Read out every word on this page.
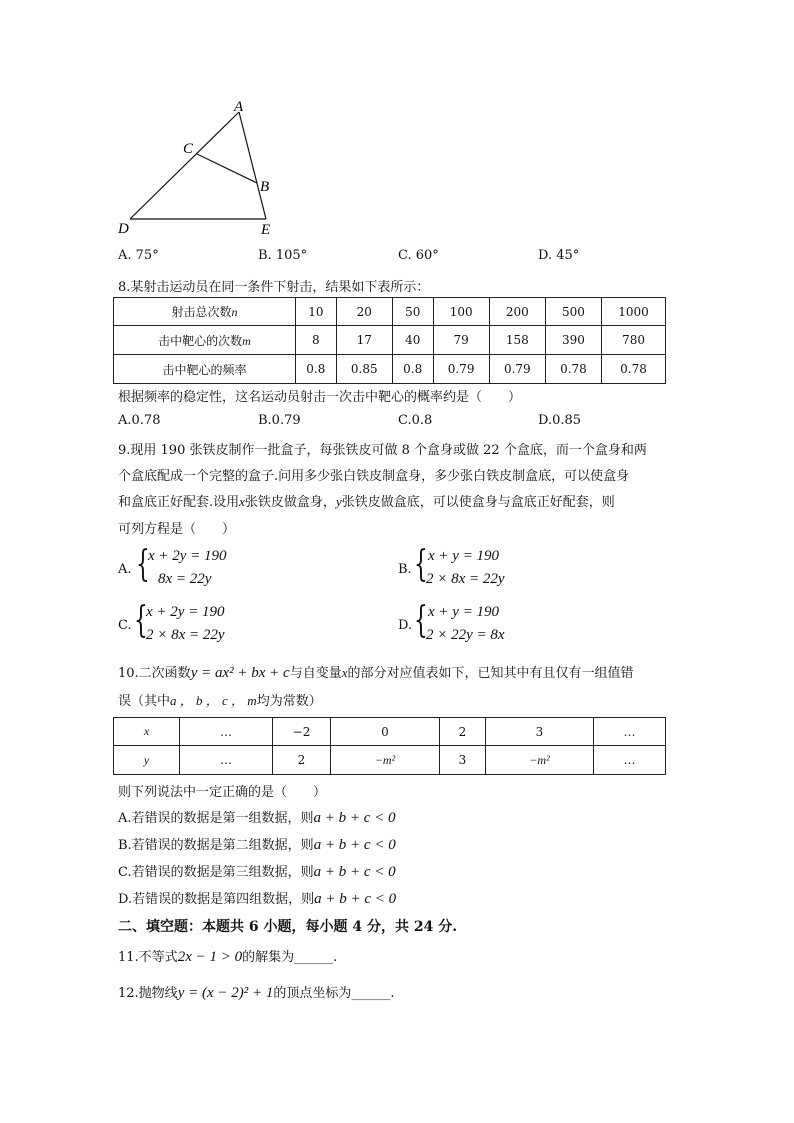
A
C
B
D	E
A. 75°	B. 105°	C. 60°	D. 45°
8.某射击运动员在同一条件下射击，结果如下表所示：
射击总次数n	10	20	50	100	200	500	1000
击中靶心的次数m	8	17	40	79	158	390	780
击中靶心的频率	0.8	0.85	0.8	0.79	0.79	0.78	0.78
根据频率的稳定性，这名运动员射击一次击中靶心的概率约是（　　）
A.0.78	B.0.79	C.0.8	D.0.85
9.现用 190 张铁皮制作一批盒子，每张铁皮可做 8 个盒身或做 22 个盒底，而一个盒身和两
个盒底配成一个完整的盒子.问用多少张白铁皮制盒身，多少张白铁皮制盒底，可以使盒身
和盒底正好配套.设用x张铁皮做盒身，y张铁皮做盒底，可以使盒身与盒底正好配套，则
可列方程是（　　）
A. {
x + 2y = 190
8x = 22y
B. { x + y = 190
2 × 8x = 22y
C. {
x + 2y = 190
2 × 8x = 22y
D. { x + y = 190
2 × 22y = 8x
10.二次函数y = ax² + bx + c与自变量x的部分对应值表如下，已知其中有且仅有一组值错
误（其中a ， b ， c ， m均为常数）
x	…	−2	0	2	3	…
y	…	2	−m²	3	−m²	…
则下列说法中一定正确的是（　　）
A.若错误的数据是第一组数据，则a + b + c < 0
B.若错误的数据是第二组数据，则a + b + c < 0
C.若错误的数据是第三组数据，则a + b + c < 0
D.若错误的数据是第四组数据，则a + b + c < 0
二、填空题：本题共 6 小题，每小题 4 分，共 24 分.
11.不等式2x − 1 > 0的解集为______.
12.抛物线y = (x − 2)² + 1的顶点坐标为______.
